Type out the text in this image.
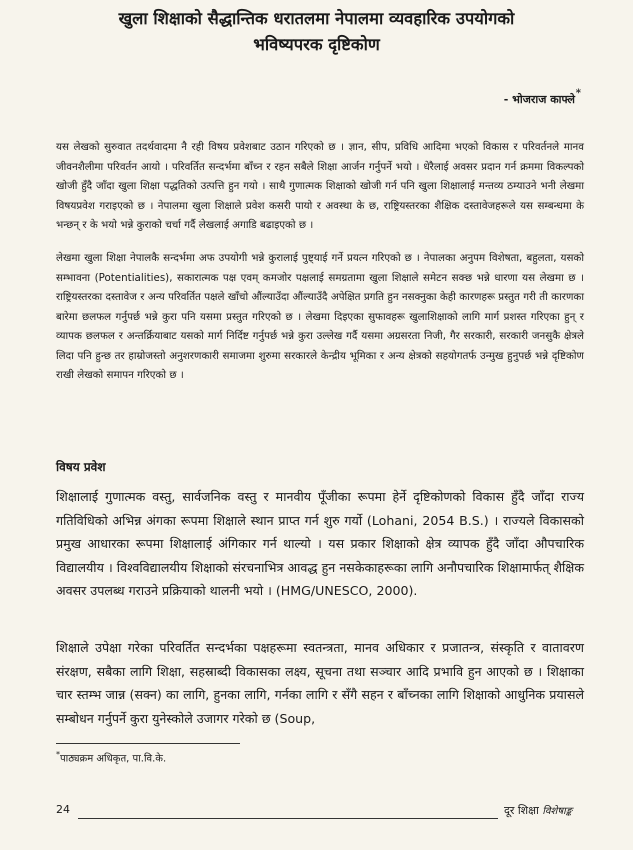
खुला शिक्षाको सैद्धान्तिक धरातलमा नेपालमा व्यवहारिक उपयोगको
भविष्यपरक दृष्टिकोण
- भोजराज काफ्ले *
यस लेखको सुरुवात तदर्थवादमा नै रही विषय प्रवेशबाट उठान गरिएको छ । ज्ञान, सीप, प्रविधि आदिमा भएको विकास र परिवर्तनले मानव जीवनशैलीमा परिवर्तन आयो । परिवर्तित सन्दर्भमा बाँच्न र रहन सबैले शिक्षा आर्जन गर्नुपर्ने भयो । धेरैलाई अवसर प्रदान गर्न क्रममा विकल्पको खोजी हुँदै जाँदा खुला शिक्षा पद्धतिको उत्पत्ति हुन गयो । साथै गुणात्मक शिक्षाको खोजी गर्न पनि खुला शिक्षालाई मन्तव्य ठम्याउने भनी लेखमा विषयप्रवेश गराइएको छ । नेपालमा खुला शिक्षाले प्रवेश कसरी पायो र अवस्था के छ, राष्ट्रियस्तरका शैक्षिक दस्तावेजहरूले यस सम्बन्धमा के भन्छन् र के भयो भन्ने कुराको चर्चा गर्दै लेखलाई अगाडि बढाइएको छ ।
लेखमा खुला शिक्षा नेपालकै सन्दर्भमा अफ उपयोगी भन्ने कुरालाई पुष्ट्याई गर्ने प्रयत्न गरिएको छ । नेपालका अनुपम विशेषता, बहुलता, यसको सम्भावना (Potentialities), सकारात्मक पक्ष एवम् कमजोर पक्षलाई समग्रतामा खुला शिक्षाले समेटन सक्छ भन्ने धारणा यस लेखमा छ । राष्ट्रियस्तरका दस्तावेज र अन्य परिवर्तित पक्षले खाँचो औंल्याउँदा औंल्याउँदै अपेक्षित प्रगति हुन नसक्नुका केही कारणहरू प्रस्तुत गरी ती कारणका बारेमा छलफल गर्नुपर्छ भन्ने कुरा पनि यसमा प्रस्तुत गरिएको छ । लेखमा दिइएका सुफावहरू खुलाशिक्षाको लागि मार्ग प्रशस्त गरिएका हुन् र व्यापक छलफल र अन्तर्क्रियाबाट यसको मार्ग निर्दिष्ट गर्नुपर्छ भन्ने कुरा उल्लेख गर्दै यसमा अग्रसरता निजी, गैर सरकारी, सरकारी जनसुकै क्षेत्रले लिदा पनि हुन्छ तर हाम्रोजस्तो अनुशरणकारी समाजमा शुरुमा सरकारले केन्द्रीय भूमिका र अन्य क्षेत्रको सहयोगतर्फ उन्मुख हुनुपर्छ भन्ने दृष्टिकोण राखी लेखको समापन गरिएको छ ।
विषय प्रवेश
शिक्षालाई गुणात्मक वस्तु, सार्वजनिक वस्तु र मानवीय पूँजीका रूपमा हेर्ने दृष्टिकोणको विकास हुँदै जाँदा राज्य गतिविधिको अभिन्न अंगका रूपमा शिक्षाले स्थान प्राप्त गर्न शुरु गर्यो (Lohani, 2054 B.S.) । राज्यले विकासको प्रमुख आधारका रूपमा शिक्षालाई अंगिकार गर्न थाल्यो । यस प्रकार शिक्षाको क्षेत्र व्यापक हुँदै जाँदा औपचारिक विद्यालयीय । विश्वविद्यालयीय शिक्षाको संरचनाभित्र आवद्ध हुन नसकेकाहरूका लागि अनौपचारिक शिक्षामार्फत् शैक्षिक अवसर उपलब्ध गराउने प्रक्रियाको थालनी भयो । (HMG/UNESCO, 2000).
शिक्षाले उपेक्षा गरेका परिवर्तित सन्दर्भका पक्षहरूमा स्वतन्त्रता, मानव अधिकार र प्रजातन्त्र, संस्कृति र वातावरण संरक्षण, सबैका लागि शिक्षा, सहस्राब्दी विकासका लक्ष्य, सूचना तथा सञ्चार आदि प्रभावि हुन आएको छ । शिक्षाका चार स्तम्भ जान्न (सक्न) का लागि, हुनका लागि, गर्नका लागि र सँगै सहन र बाँच्नका लागि शिक्षाको आधुनिक प्रयासले सम्बोधन गर्नुपर्ने कुरा युनेस्कोले उजागर गरेको छ (Soup,
*पाठ्यक्रम अधिकृत, पा.वि.के.
24	दूर शिक्षा विशेषाङ्क
